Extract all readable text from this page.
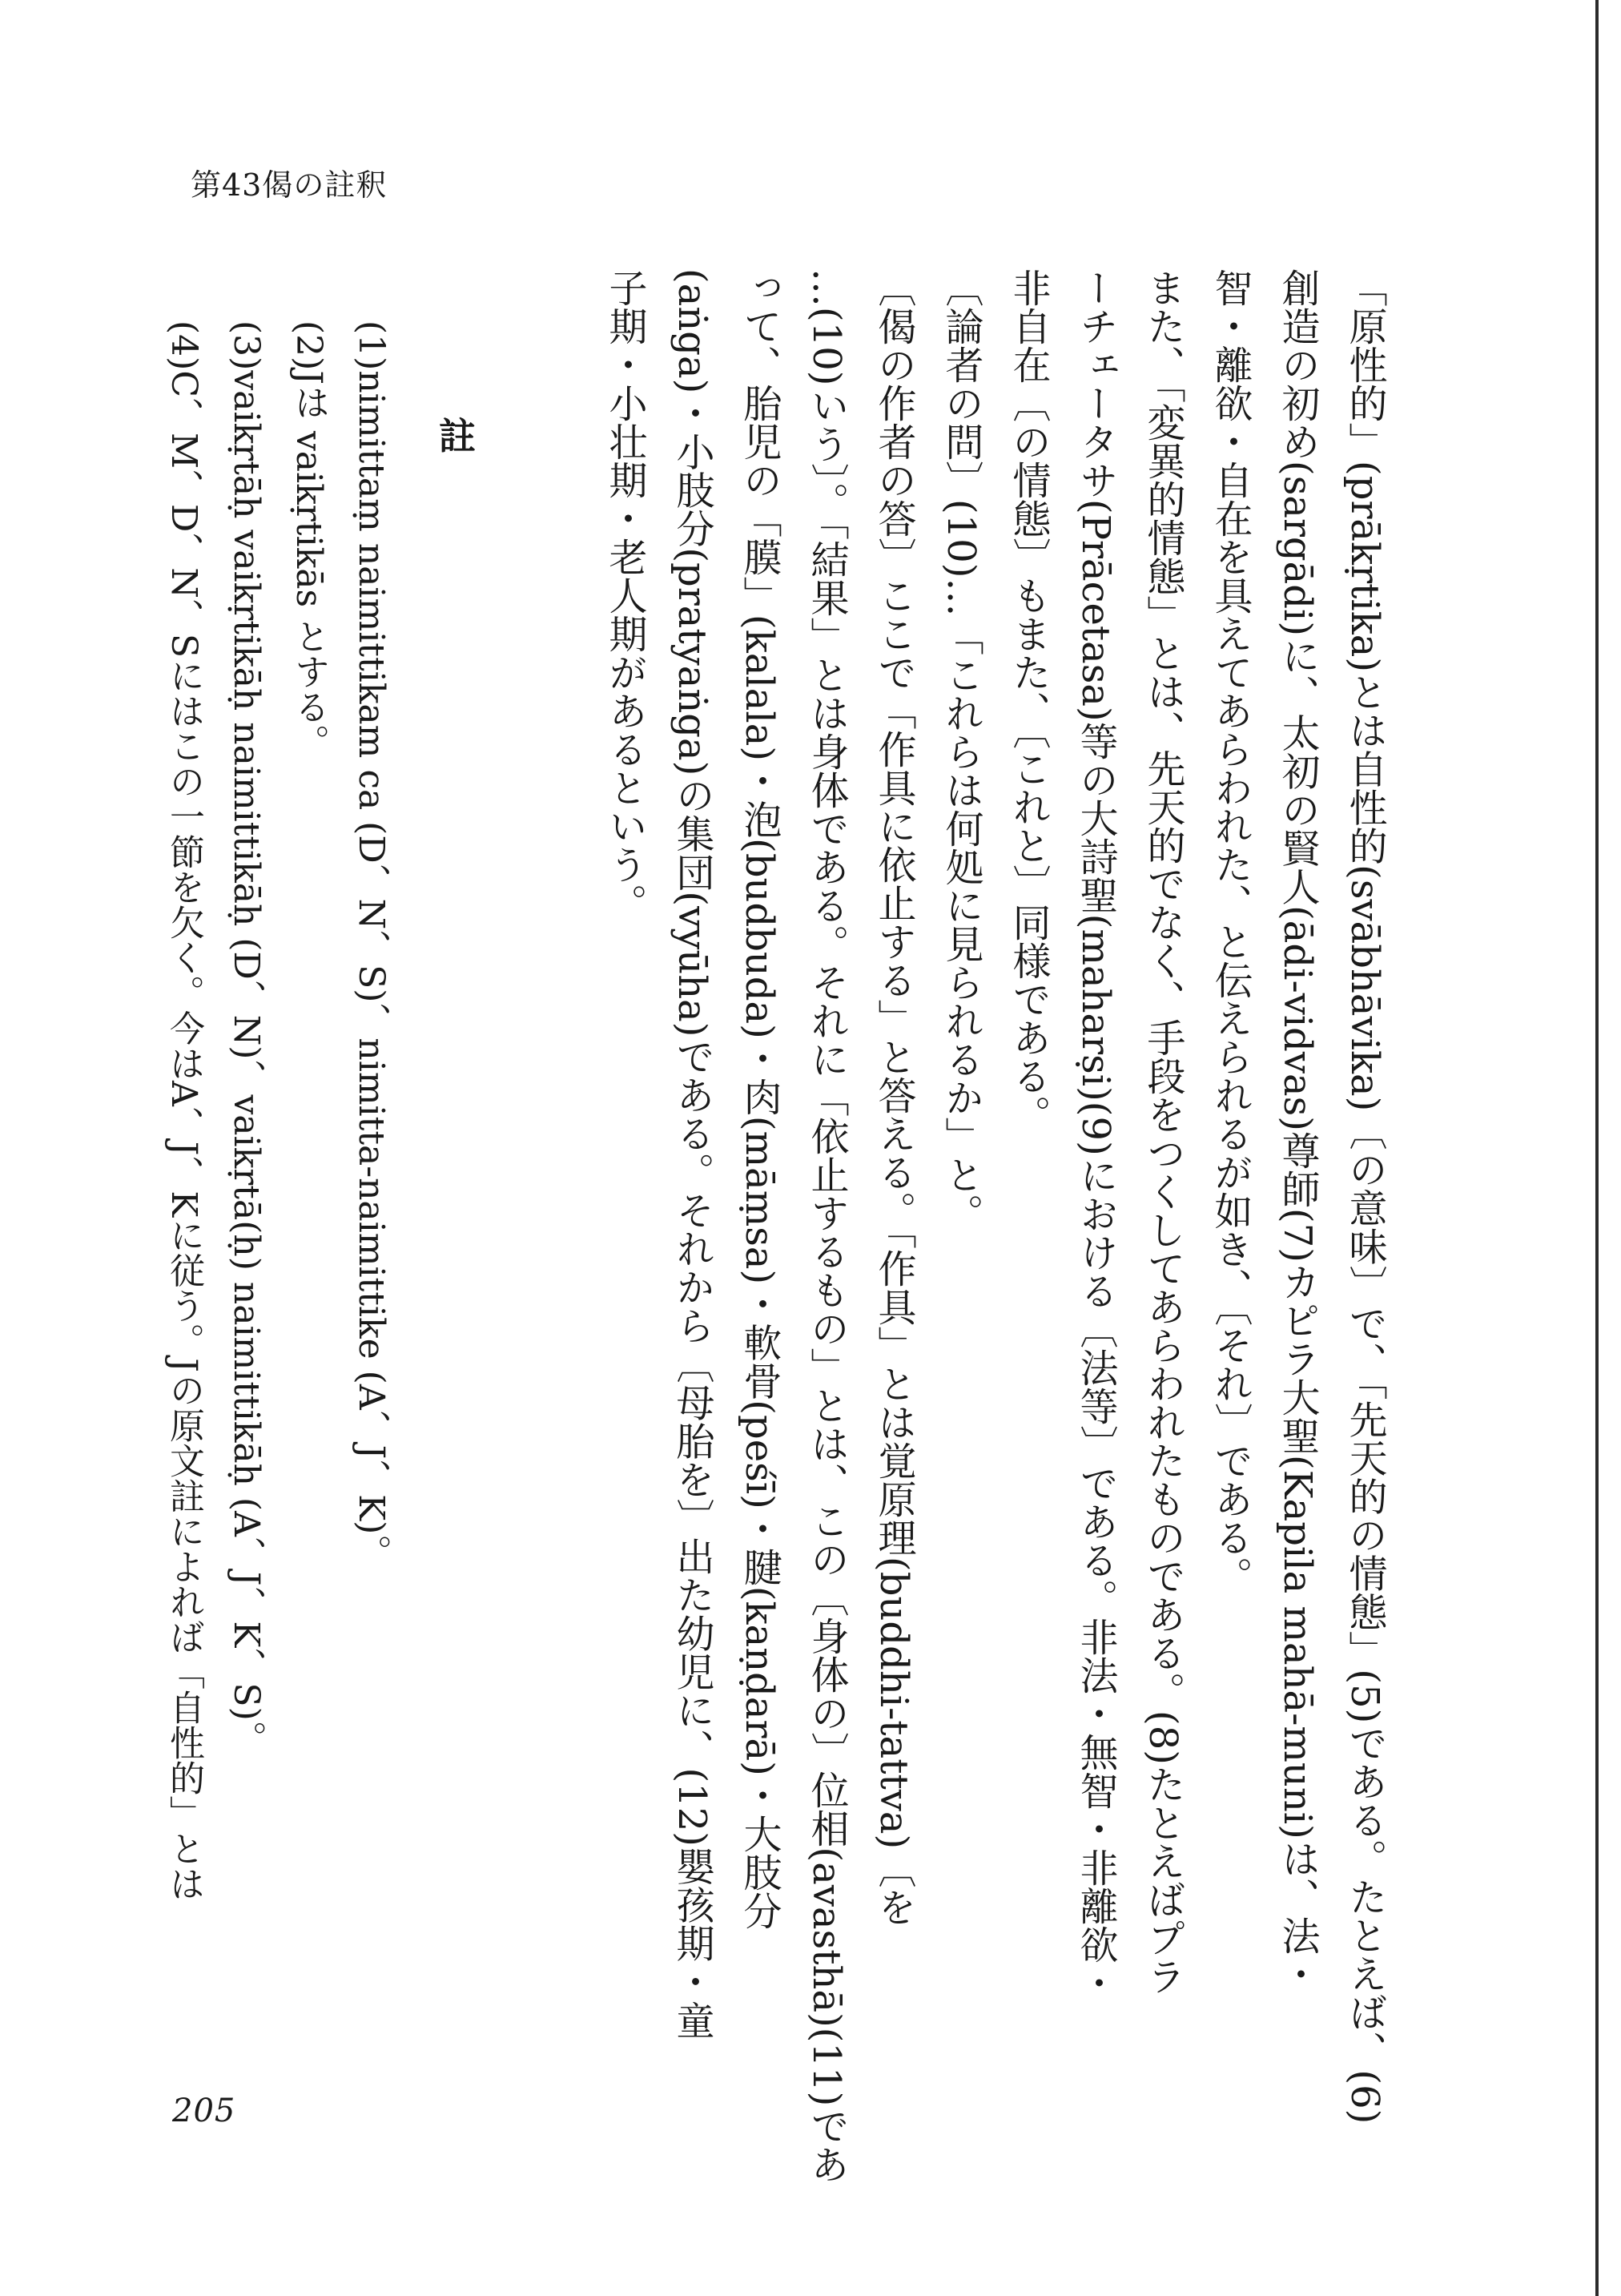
第43偈の註釈

「原性的」(prākṛtika)とは自性的(svābhāvika)〔の意味〕で、「先天的の情態」(5)である。たとえば、(6)

創造の初め(sargādi)に、太初の賢人(ādi-vidvas)尊師(7)カピラ大聖(Kapila mahā-muni)は、法・

智・離欲・自在を具えてあらわれた、と伝えられるが如き、〔それ〕である。

また、「変異的情態」とは、先天的でなく、手段をつくしてあらわれたものである。(8)たとえばプラ

ーチェータサ(Prācetasa)等の大詩聖(maharṣi)(9)における〔法等〕である。非法・無智・非離欲・

非自在〔の情態〕もまた、〔これと〕同様である。

〔論者の問〕(10)…「これらは何処に見られるか」と。

〔偈の作者の答〕ここで「作具に依止する」と答える。「作具」とは覚原理(buddhi-tattva)〔を

…(10)いう〕。「結果」とは身体である。それに「依止するもの」とは、この〔身体の〕位相(avasthā)(11)であ

って、胎児の「膜」(kalala)・泡(budbuda)・肉(māṃsa)・軟骨(peśī)・腱(kaṇḍarā)・大肢分

(aṅga)・小肢分(pratyaṅga)の集団(vyūha)である。それから〔母胎を〕出た幼児に、(12)嬰孩期・童

子期・小壮期・老人期があるという。

註

(1)nimittaṃ naimittikam ca (D、N、S)、nimitta-naimittike (A、J、K)。

(2)Jは vaikṛtikās とする。

(3)vaikṛtāḥ vaikṛtikāḥ naimittikāḥ (D、N)、vaikṛtā(ḥ) naimittikāḥ (A、J、K、S)。

(4)C、M、D、N、Sにはこの一節を欠く。今はA、J、Kに従う。Jの原文註によれば「自性的」とは

205
